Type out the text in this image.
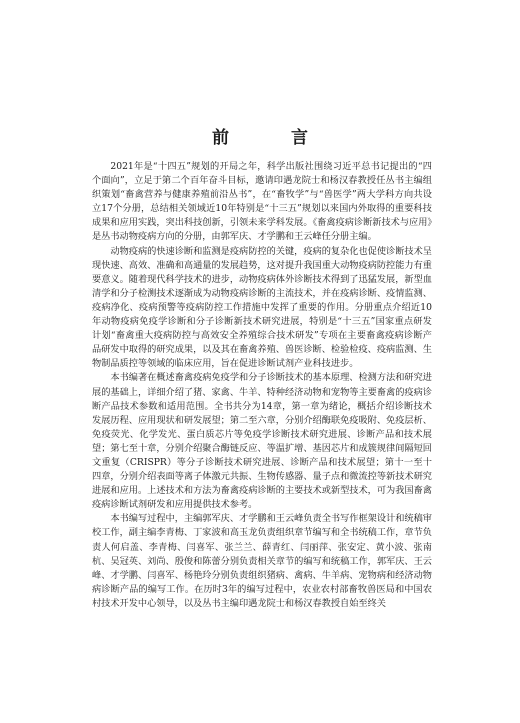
前 言

2021年是“十四五”规划的开局之年，科学出版社围绕习近平总书记提出的“四个面向”，立足于第二个百年奋斗目标，邀请印遇龙院士和杨汉春教授任丛书主编组织策划“畜禽营养与健康养殖前沿丛书”，在“畜牧学”与“兽医学”两大学科方向共设立17个分册，总结相关领域近10年特别是“十三五”规划以来国内外取得的重要科技成果和应用实践，突出科技创新，引领未来学科发展。《畜禽疫病诊断新技术与应用》是丛书动物疫病方向的分册，由郭军庆、才学鹏和王云峰任分册主编。

动物疫病的快速诊断和监测是疫病防控的关键，疫病的复杂化也促使诊断技术呈现快速、高效、准确和高通量的发展趋势，这对提升我国重大动物疫病防控能力有重要意义。随着现代科学技术的进步，动物疫病体外诊断技术得到了迅猛发展，新型血清学和分子检测技术逐渐成为动物疫病诊断的主流技术，并在疫病诊断、疫情监测、疫病净化、疫病预警等疫病防控工作措施中发挥了重要的作用。分册重点介绍近10年动物疫病免疫学诊断和分子诊断新技术研究进展，特别是“十三五”国家重点研发计划“畜禽重大疫病防控与高效安全养殖综合技术研发”专项在主要畜禽疫病诊断产品研发中取得的研究成果，以及其在畜禽养殖、兽医诊断、检验检疫、疫病监测、生物制品质控等领域的临床应用，旨在促进诊断试剂产业科技进步。

本书编著在概述畜禽疫病免疫学和分子诊断技术的基本原理、检测方法和研究进展的基础上，详细介绍了猪、家禽、牛羊、特种经济动物和宠物等主要畜禽的疫病诊断产品技术参数和适用范围。全书共分为14章，第一章为绪论，概括介绍诊断技术发展历程、应用现状和研发展望；第二至六章，分别介绍酶联免疫吸附、免疫层析、免疫荧光、化学发光、蛋白质芯片等免疫学诊断技术研究进展、诊断产品和技术展望；第七至十章，分别介绍聚合酶链反应、等温扩增、基因芯片和成簇规律间隔短回文重复（CRISPR）等分子诊断技术研究进展、诊断产品和技术展望；第十一至十四章，分别介绍表面等离子体激元共振、生物传感器、量子点和微流控等新技术研究进展和应用。上述技术和方法为畜禽疫病诊断的主要技术或新型技术，可为我国畜禽疫病诊断试剂研发和应用提供技术参考。

本书编写过程中，主编郭军庆、才学鹏和王云峰负责全书写作框架设计和统稿审校工作，副主编李青梅、丁家波和高玉龙负责组织章节编写和全书统稿工作，章节负责人何启盖、李青梅、闫喜军、张兰兰、薛青红、闫丽萍、张安定、黄小波、张南杭、吴冠英、刘尚、殷俊和陈蕾分别负责相关章节的编写和统稿工作，郭军庆、王云峰、才学鹏、闫喜军、杨艳玲分别负责组织猪病、禽病、牛羊病、宠物病和经济动物病诊断产品的编写工作。在历时3年的编写过程中，农业农村部畜牧兽医局和中国农村技术开发中心领导，以及丛书主编印遇龙院士和杨汉春教授自始至终关
